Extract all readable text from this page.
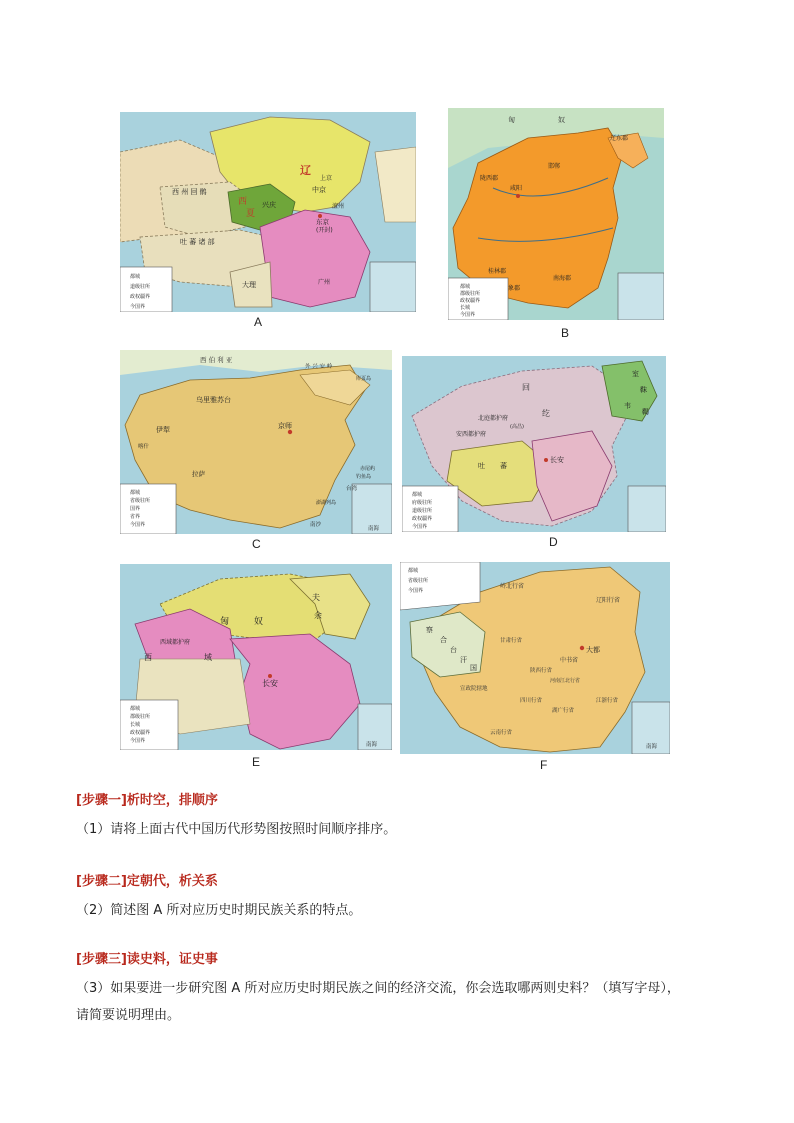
辽
上京
中京
西 州 回 鹘
兴庆
西
夏
东京
(开封)
吐 蕃 诸 部
大理	广州
澶州
都城
道级驻所
政权疆界
今国界
A
匈	奴
辽东郡
陇西郡
咸阳
邯郸
桂林郡
象郡
南海郡
都城
郡级驻所
政权疆界
长城
今国界
B
西 伯 利 亚
外 兴 安 岭
乌里雅苏台
伊犁	京师
库页岛
喀什
拉萨
台湾
澎湖列岛
钓鱼岛
赤尾屿
南沙
南海
都城
省级驻所
国界
省界
今国界
C
回
纥
室
靺
韦
鞨
安西都护府
北庭都护府
吐 蕃
长安
(高昌)
都城
府级驻所
道级驻所
政权疆界
今国界
D
匈	奴
夫
余
西域都护府
西	域
长安
南海
都城
郡级驻所
长城
政权疆界
今国界
E
都城
省级驻所
今国界
察
合
台
汗
国
大都
岭北行省
辽阳行省
中书省
河南江北行省
湖广行省
江浙行省
四川行省
云南行省
陕西行省
甘肃行省
宣政院辖地
南海
F
[步骤一]析时空，排顺序
（1）请将上面古代中国历代形势图按照时间顺序排序。
[步骤二]定朝代，析关系
（2）简述图 A 所对应历史时期民族关系的特点。
[步骤三]读史料，证史事
（3）如果要进一步研究图 A 所对应历史时期民族之间的经济交流，你会选取哪两则史料？（填写字母），
请简要说明理由。
